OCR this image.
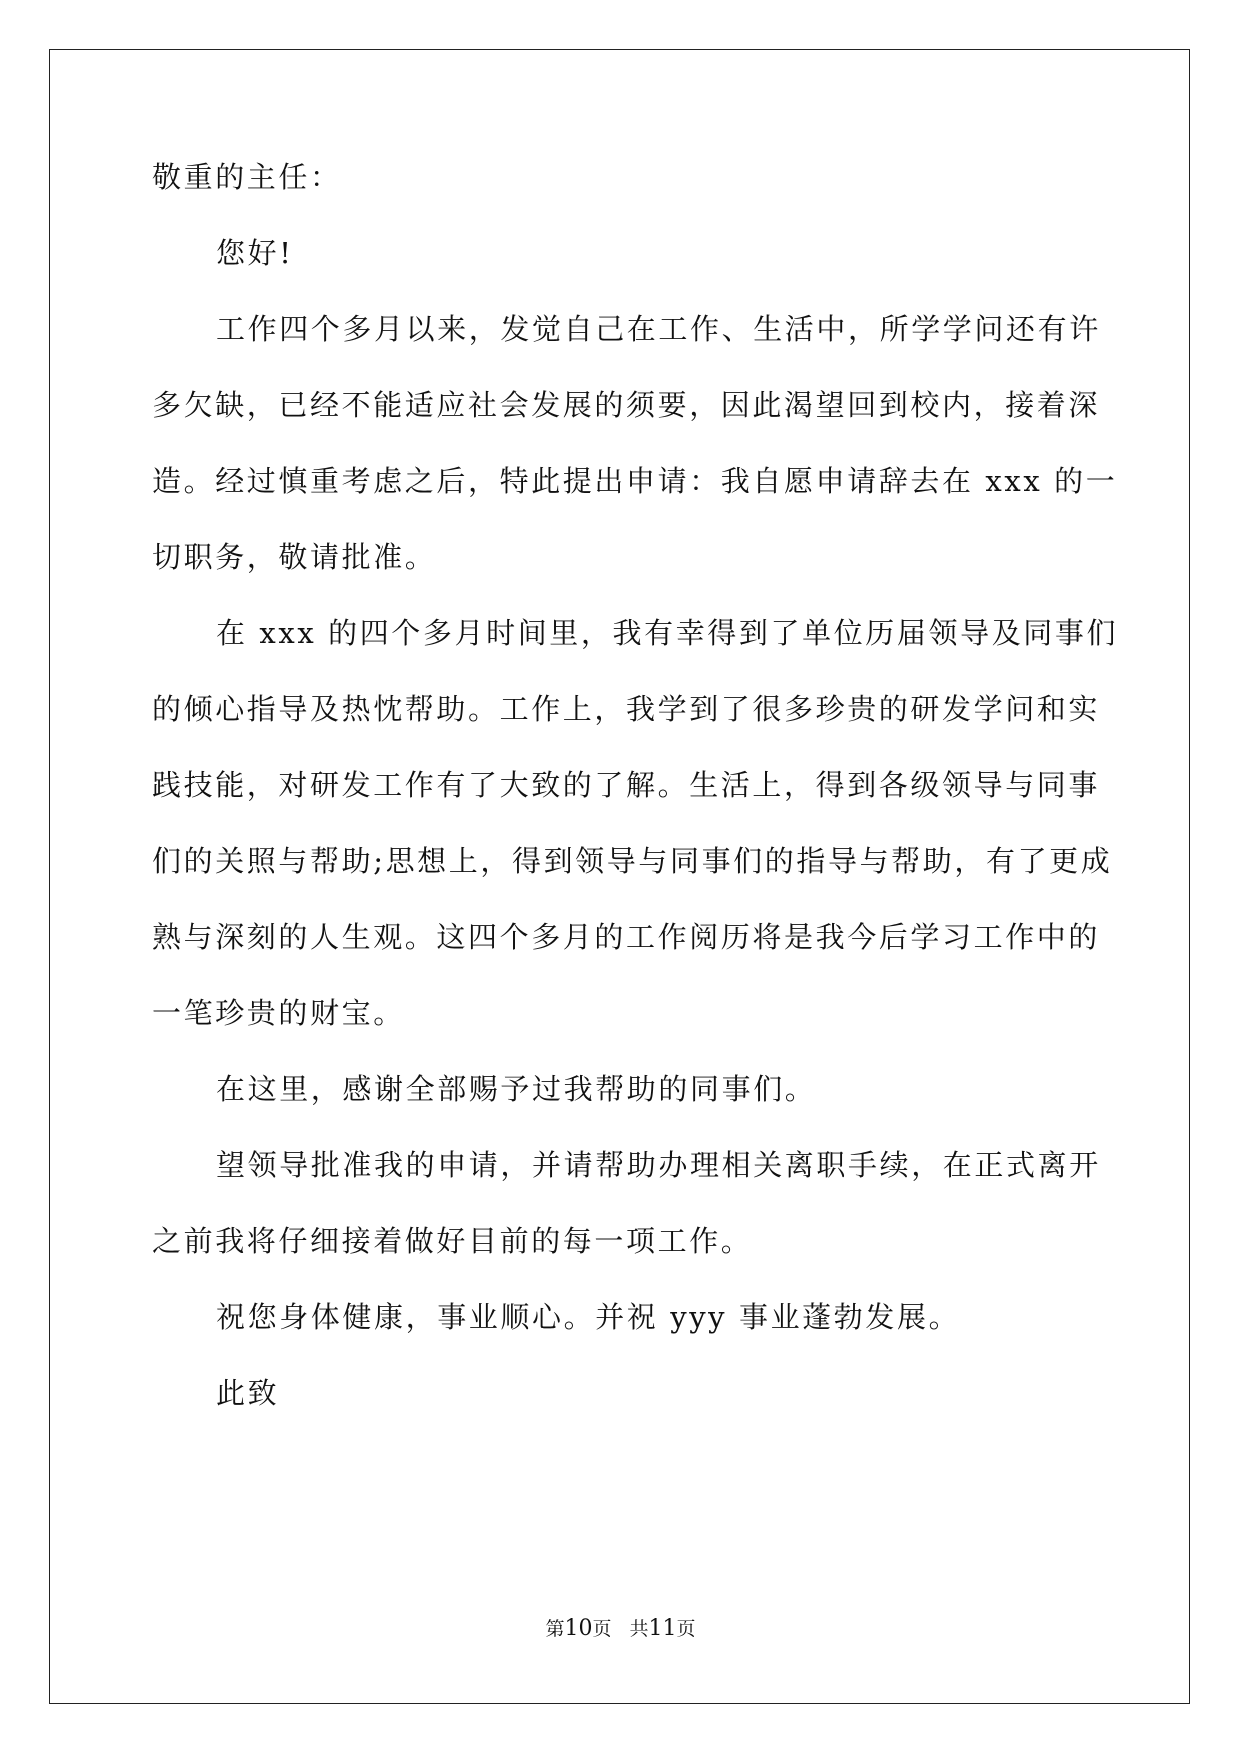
敬重的主任：

您好!

工作四个多月以来，发觉自己在工作、生活中，所学学问还有许

多欠缺，已经不能适应社会发展的须要，因此渴望回到校内，接着深

造。经过慎重考虑之后，特此提出申请：我自愿申请辞去在 xxx 的一

切职务，敬请批准。

在 xxx 的四个多月时间里，我有幸得到了单位历届领导及同事们

的倾心指导及热忱帮助。工作上，我学到了很多珍贵的研发学问和实

践技能，对研发工作有了大致的了解。生活上，得到各级领导与同事

们的关照与帮助;思想上，得到领导与同事们的指导与帮助，有了更成

熟与深刻的人生观。这四个多月的工作阅历将是我今后学习工作中的

一笔珍贵的财宝。

在这里，感谢全部赐予过我帮助的同事们。

望领导批准我的申请，并请帮助办理相关离职手续，在正式离开

之前我将仔细接着做好目前的每一项工作。

祝您身体健康，事业顺心。并祝 yyy 事业蓬勃发展。

此致

第10页 共11页
